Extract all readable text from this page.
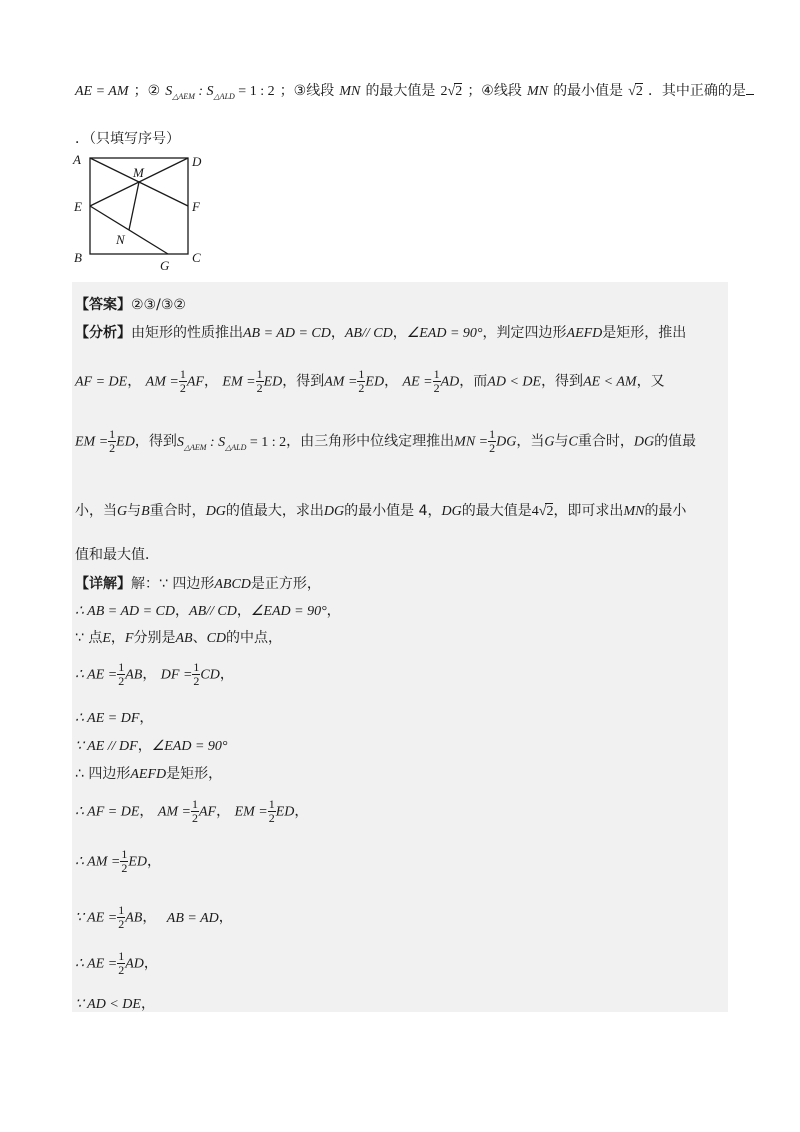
AE = AM ；② $S_{\triangle AEM}$ : $S_{\triangle ALD} = 1$ : 2 ；③线段 MN 的最大值是 2√2 ；④线段 MN 的最小值是 √2 ．其中正确的是
．（只填写序号）
A	D
E	F
B
G
C
M
N
【答案】②③/③②
【分析】由矩形的性质推出AB = AD = CD，AB// CD，∠EAD = 90°，判定四边形AEFD是矩形，推出
AF = DE， AM = $\frac{1}{2}$ AF， EM = $\frac{1}{2}$ ED，得到AM = $\frac{1}{2}$ ED， AE = $\frac{1}{2}$ AD，而AD < DE，得到AE < AM，又
EM = $\frac{1}{2}$ ED，得到$S_{\triangle AEM}$ : $S_{\triangle ALD} = 1$ : 2，由三角形中位线定理推出MN = $\frac{1}{2}$ DG，当G与C重合时，DG的值最
小，当G与B重合时，DG的值最大，求出DG的最小值是 4，DG的最大值是4√2，即可求出MN的最小
值和最大值．
【详解】解：∵ 四边形ABCD是正方形，
∴ AB = AD = CD，AB// CD，∠EAD = 90°，
∵ 点E，F分别是AB、CD的中点，
∴ AE = $\frac{1}{2}$ AB， DF = $\frac{1}{2}$ CD，
∴ AE = DF，
∵ AE // DF，∠EAD = 90°
∴ 四边形AEFD是矩形，
∴ AF = DE， AM = $\frac{1}{2}$ AF， EM = $\frac{1}{2}$ ED，
∴ AM = $\frac{1}{2}$ ED，
∵ AE = $\frac{1}{2}$ AB， AB = AD，
∴ AE = $\frac{1}{2}$ AD，
∵ AD < DE，
